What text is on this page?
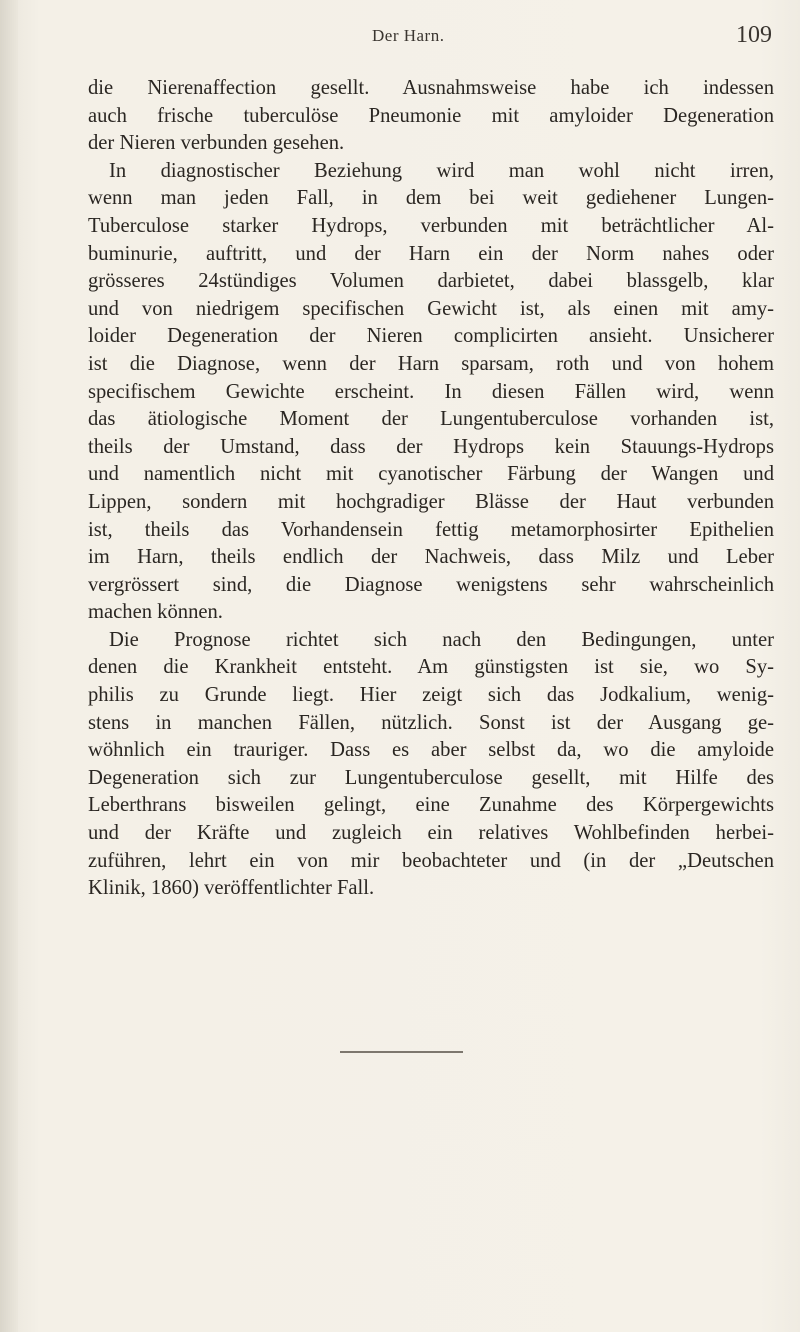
Der Harn.	109
die Nierenaffection gesellt. Ausnahmsweise habe ich indessen
auch frische tuberculöse Pneumonie mit amyloider Degeneration
der Nieren verbunden gesehen.
In diagnostischer Beziehung wird man wohl nicht irren,
wenn man jeden Fall, in dem bei weit gediehener Lungen-
Tuberculose starker Hydrops, verbunden mit beträchtlicher Al-
buminurie, auftritt, und der Harn ein der Norm nahes oder
grösseres 24stündiges Volumen darbietet, dabei blassgelb, klar
und von niedrigem specifischen Gewicht ist, als einen mit amy-
loider Degeneration der Nieren complicirten ansieht. Unsicherer
ist die Diagnose, wenn der Harn sparsam, roth und von hohem
specifischem Gewichte erscheint. In diesen Fällen wird, wenn
das ätiologische Moment der Lungentuberculose vorhanden ist,
theils der Umstand, dass der Hydrops kein Stauungs-Hydrops
und namentlich nicht mit cyanotischer Färbung der Wangen und
Lippen, sondern mit hochgradiger Blässe der Haut verbunden
ist, theils das Vorhandensein fettig metamorphosirter Epithelien
im Harn, theils endlich der Nachweis, dass Milz und Leber
vergrössert sind, die Diagnose wenigstens sehr wahrscheinlich
machen können.
Die Prognose richtet sich nach den Bedingungen, unter
denen die Krankheit entsteht. Am günstigsten ist sie, wo Sy-
philis zu Grunde liegt. Hier zeigt sich das Jodkalium, wenig-
stens in manchen Fällen, nützlich. Sonst ist der Ausgang ge-
wöhnlich ein trauriger. Dass es aber selbst da, wo die amyloide
Degeneration sich zur Lungentuberculose gesellt, mit Hilfe des
Leberthrans bisweilen gelingt, eine Zunahme des Körpergewichts
und der Kräfte und zugleich ein relatives Wohlbefinden herbei-
zuführen, lehrt ein von mir beobachteter und (in der „Deutschen
Klinik, 1860) veröffentlichter Fall.
